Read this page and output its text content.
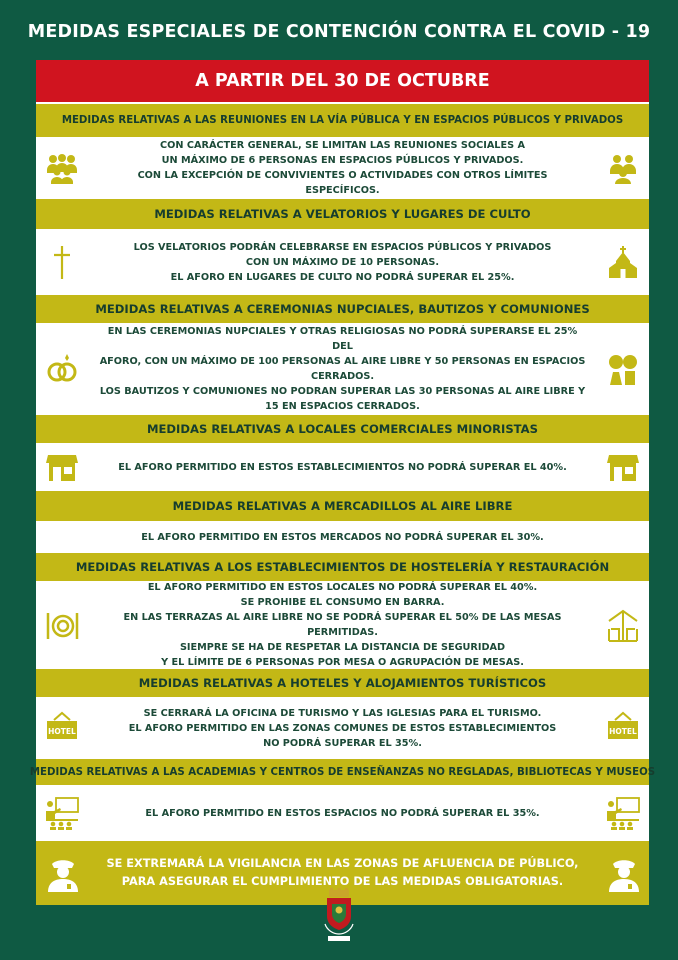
MEDIDAS ESPECIALES DE CONTENCIÓN CONTRA EL COVID - 19
A PARTIR DEL 30 DE OCTUBRE
MEDIDAS RELATIVAS A LAS REUNIONES EN LA VÍA PÚBLICA Y EN ESPACIOS PÚBLICOS Y PRIVADOS
CON CARÁCTER GENERAL, SE LIMITAN LAS REUNIONES SOCIALES A
UN MÁXIMO DE 6 PERSONAS EN ESPACIOS PÚBLICOS Y PRIVADOS.
CON LA EXCEPCIÓN DE CONVIVIENTES O ACTIVIDADES CON OTROS LÍMITES ESPECÍFICOS.
MEDIDAS RELATIVAS A VELATORIOS Y LUGARES DE CULTO
LOS VELATORIOS PODRÁN CELEBRARSE EN ESPACIOS PÚBLICOS Y PRIVADOS
CON UN MÁXIMO DE 10 PERSONAS.
EL AFORO EN LUGARES DE CULTO NO PODRÁ SUPERAR EL 25%.
MEDIDAS RELATIVAS A CEREMONIAS NUPCIALES, BAUTIZOS Y COMUNIONES
EN LAS CEREMONIAS NUPCIALES Y OTRAS RELIGIOSAS NO PODRÁ SUPERARSE EL 25% DEL
AFORO, CON UN MÁXIMO DE 100 PERSONAS AL AIRE LIBRE Y 50 PERSONAS EN ESPACIOS
CERRADOS.
LOS BAUTIZOS Y COMUNIONES NO PODRAN SUPERAR LAS 30 PERSONAS AL AIRE LIBRE Y
15 EN ESPACIOS CERRADOS.
MEDIDAS RELATIVAS A LOCALES COMERCIALES MINORISTAS
EL AFORO PERMITIDO EN ESTOS ESTABLECIMIENTOS NO PODRÁ SUPERAR EL 40%.
MEDIDAS RELATIVAS A MERCADILLOS AL AIRE LIBRE
EL AFORO PERMITIDO EN ESTOS MERCADOS NO PODRÁ SUPERAR EL 30%.
MEDIDAS RELATIVAS A LOS ESTABLECIMIENTOS DE HOSTELERÍA Y RESTAURACIÓN
EL AFORO PERMITIDO EN ESTOS LOCALES NO PODRÁ SUPERAR EL 40%.
SE PROHIBE EL CONSUMO EN BARRA.
EN LAS TERRAZAS AL AIRE LIBRE NO SE PODRÁ SUPERAR EL 50% DE LAS MESAS PERMITIDAS.
SIEMPRE SE HA DE RESPETAR LA DISTANCIA DE SEGURIDAD
Y EL LÍMITE DE 6 PERSONAS POR MESA O AGRUPACIÓN DE MESAS.
MEDIDAS RELATIVAS A HOTELES Y ALOJAMIENTOS TURÍSTICOS
HOTEL
SE CERRARÁ LA OFICINA DE TURISMO Y LAS IGLESIAS PARA EL TURISMO.
EL AFORO PERMITIDO EN LAS ZONAS COMUNES DE ESTOS ESTABLECIMIENTOS
NO PODRÁ SUPERAR EL 35%.
HOTEL
MEDIDAS RELATIVAS A LAS ACADEMIAS Y CENTROS DE ENSEÑANZAS NO REGLADAS, BIBLIOTECAS Y MUSEOS
EL AFORO PERMITIDO EN ESTOS ESPACIOS NO PODRÁ SUPERAR EL 35%.
SE EXTREMARÁ LA VIGILANCIA EN LAS ZONAS DE AFLUENCIA DE PÚBLICO, PARA ASEGURAR EL CUMPLIMIENTO DE LAS MEDIDAS OBLIGATORIAS.
